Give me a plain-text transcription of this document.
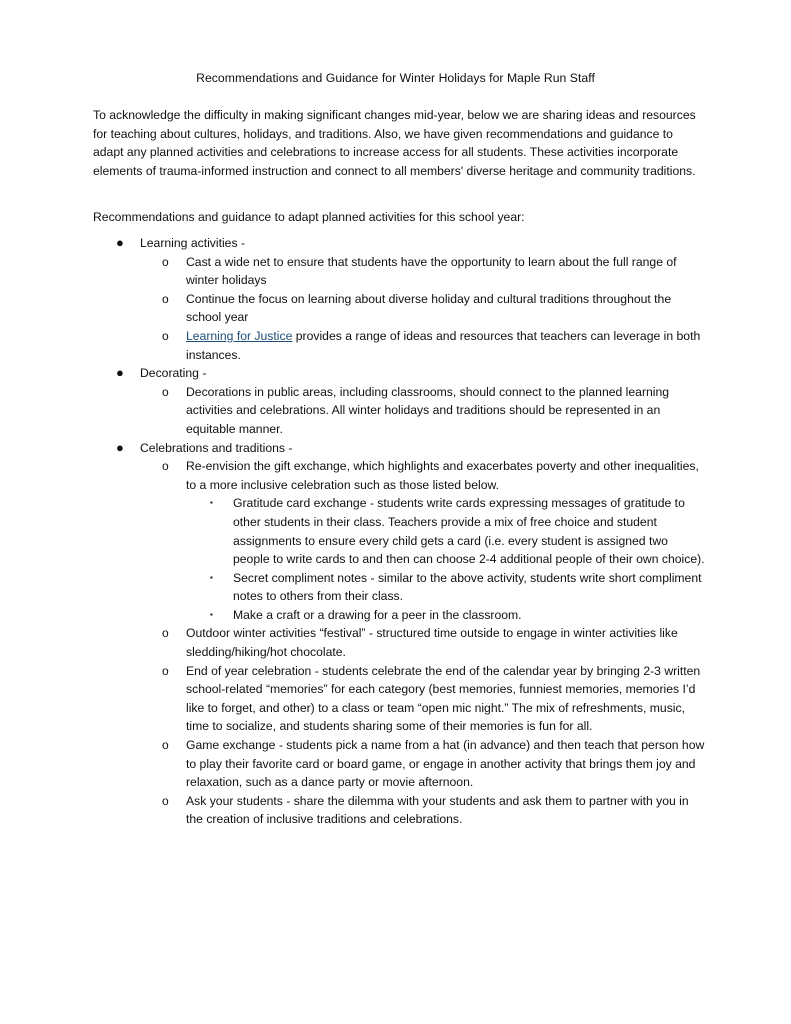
Recommendations and Guidance for Winter Holidays for Maple Run Staff

To acknowledge the difficulty in making significant changes mid-year, below we are sharing ideas and resources for teaching about cultures, holidays, and traditions. Also, we have given recommendations and guidance to adapt any planned activities and celebrations to increase access for all students. These activities incorporate elements of trauma-informed instruction and connect to all members' diverse heritage and community traditions.

Recommendations and guidance to adapt planned activities for this school year:

● Learning activities -
o Cast a wide net to ensure that students have the opportunity to learn about the full range of winter holidays
o Continue the focus on learning about diverse holiday and cultural traditions throughout the school year
o Learning for Justice provides a range of ideas and resources that teachers can leverage in both instances.
● Decorating -
o Decorations in public areas, including classrooms, should connect to the planned learning activities and celebrations. All winter holidays and traditions should be represented in an equitable manner.
● Celebrations and traditions -
o Re-envision the gift exchange, which highlights and exacerbates poverty and other inequalities, to a more inclusive celebration such as those listed below.
▪ Gratitude card exchange - students write cards expressing messages of gratitude to other students in their class. Teachers provide a mix of free choice and student assignments to ensure every child gets a card (i.e. every student is assigned two people to write cards to and then can choose 2-4 additional people of their own choice).
▪ Secret compliment notes - similar to the above activity, students write short compliment notes to others from their class.
▪ Make a craft or a drawing for a peer in the classroom.
o Outdoor winter activities “festival” - structured time outside to engage in winter activities like sledding/hiking/hot chocolate.
o End of year celebration - students celebrate the end of the calendar year by bringing 2-3 written school-related “memories” for each category (best memories, funniest memories, memories I’d like to forget, and other) to a class or team “open mic night.” The mix of refreshments, music, time to socialize, and students sharing some of their memories is fun for all.
o Game exchange - students pick a name from a hat (in advance) and then teach that person how to play their favorite card or board game, or engage in another activity that brings them joy and relaxation, such as a dance party or movie afternoon.
o Ask your students - share the dilemma with your students and ask them to partner with you in the creation of inclusive traditions and celebrations.
